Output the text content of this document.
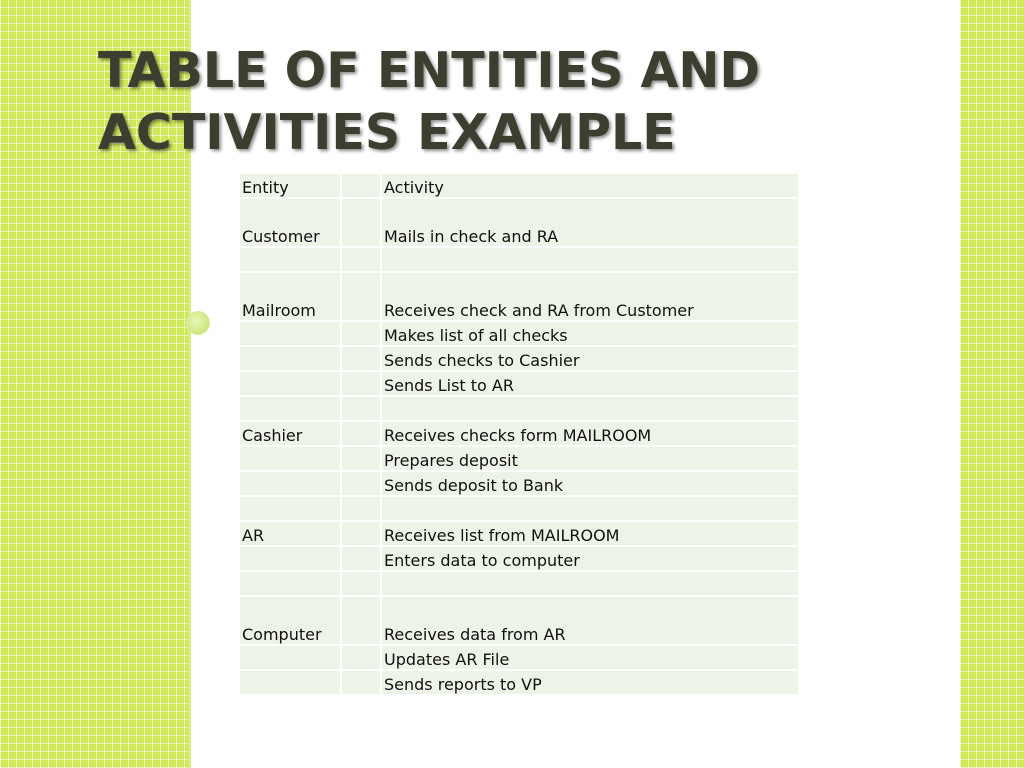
TABLE OF ENTITIES AND ACTIVITIES EXAMPLE
Entity		Activity
Customer		Mails in check and RA

Mailroom		Receives check and RA from Customer
		Makes list of all checks
		Sends checks to Cashier
		Sends List to AR

Cashier		Receives checks form MAILROOM
		Prepares deposit
		Sends deposit to Bank

AR		Receives list from MAILROOM
		Enters data to computer

Computer		Receives data from AR
		Updates AR File
		Sends reports to VP
